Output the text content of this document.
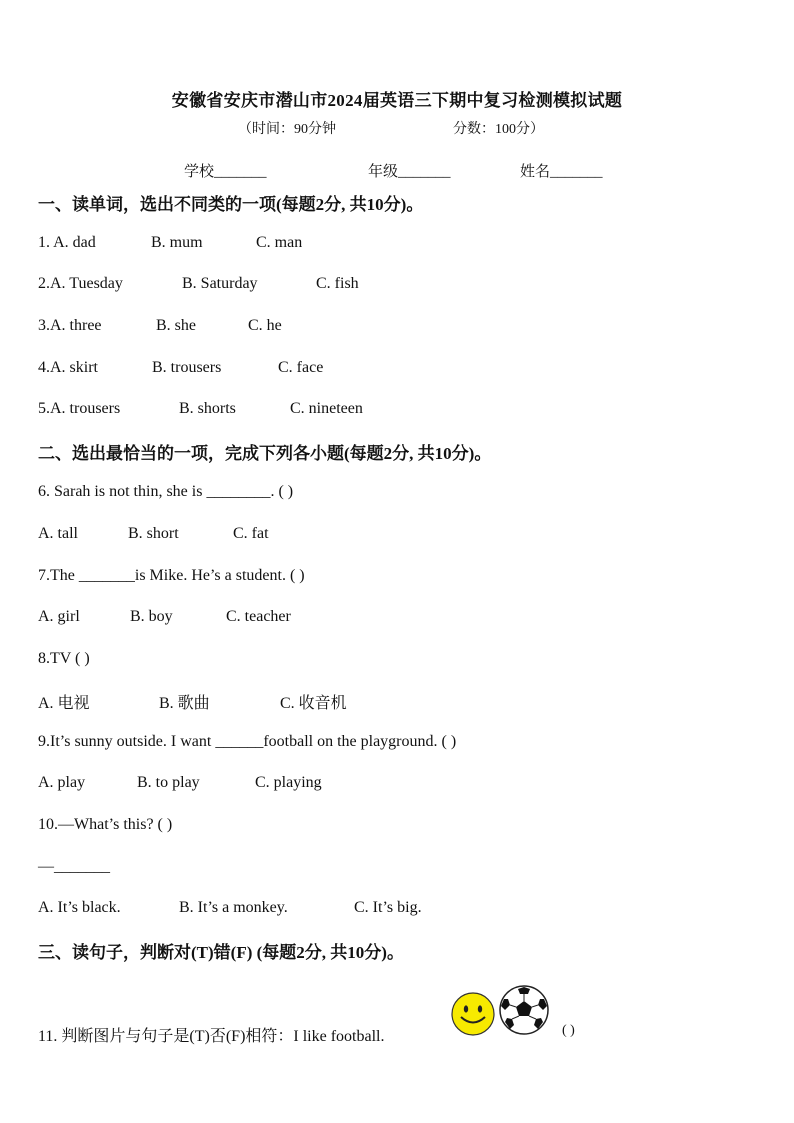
安徽省安庆市潜山市2024届英语三下期中复习检测模拟试题
（时间：90分钟	分数：100分）
学校_______	年级_______	姓名_______
一、读单词，选出不同类的一项(每题2分, 共10分)。
1. A. dad	B. mum	C. man
2.A. Tuesday	B. Saturday	C. fish
3.A. three	B. she	C. he
4.A. skirt	B. trousers	C. face
5.A. trousers	B. shorts	C. nineteen
二、选出最恰当的一项，完成下列各小题(每题2分, 共10分)。
6. Sarah is not thin, she is ________. ( )
A. tall	B. short	C. fat
7.The _______is Mike. He’s a student. ( )
A. girl	B. boy	C. teacher
8.TV ( )
A. 电视	B. 歌曲	C. 收音机
9.It’s sunny outside. I want ______football on the playground. ( )
A. play	B. to play	C. playing
10.—What’s this? ( )
—_______
A. It’s black.	B. It’s a monkey.	C. It’s big.
三、读句子，判断对(T)错(F) (每题2分, 共10分)。
11. 判断图片与句子是(T)否(F)相符：I like football.	( )
